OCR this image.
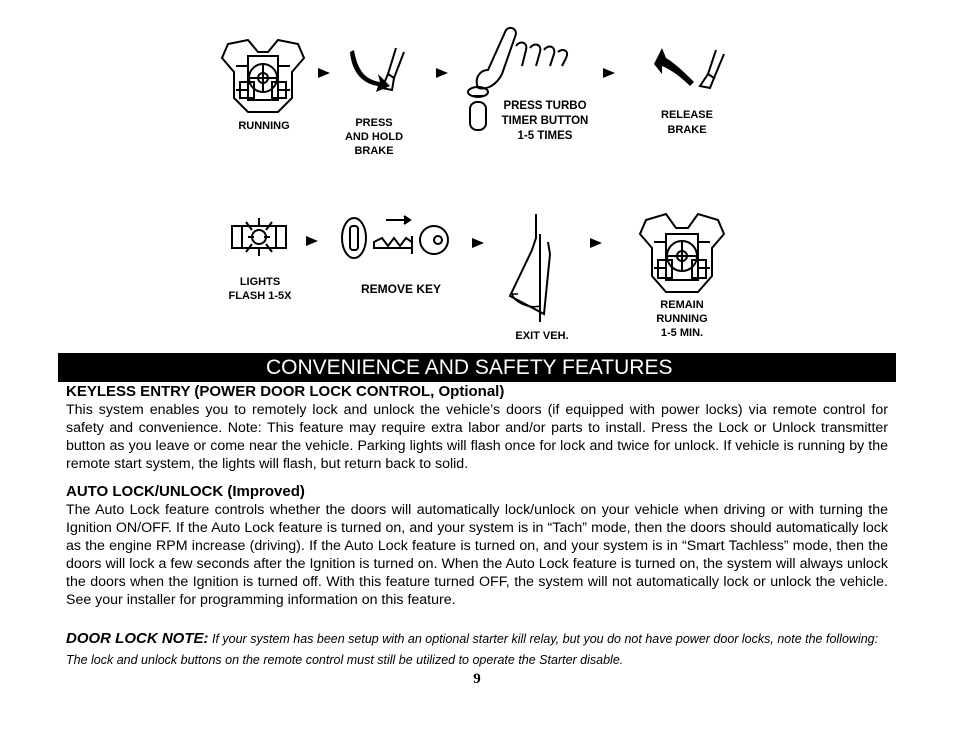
RUNNING	PRESS
AND HOLD
BRAKE
PRESS TURBO
TIMER BUTTON
1-5 TIMES
RELEASE
BRAKE
LIGHTS
FLASH 1-5X	REMOVE KEY
EXIT VEH.
REMAIN
RUNNING
1-5 MIN.
CONVENIENCE AND SAFETY FEATURES
KEYLESS ENTRY (POWER DOOR LOCK CONTROL, Optional)
This system enables you to remotely lock and unlock the vehicle’s doors (if equipped with power locks) via remote control for safety and convenience. Note: This feature may require extra labor and/or parts to install. Press the Lock or Unlock transmitter button as you leave or come near the vehicle. Parking lights will flash once for lock and twice for unlock. If vehicle is running by the remote start system, the lights will flash, but return back to solid.
AUTO LOCK/UNLOCK (Improved)
The Auto Lock feature controls whether the doors will automatically lock/unlock on your vehicle when driving or with turning the Ignition ON/OFF. If the Auto Lock feature is turned on, and your system is in “Tach” mode, then the doors should automatically lock as the engine RPM increase (driving). If the Auto Lock feature is turned on, and your system is in “Smart Tachless” mode, then the doors will lock a few seconds after the Ignition is turned on. When the Auto Lock feature is turned on, the system will always unlock the doors when the Ignition is turned off. With this feature turned OFF, the system will not automatically lock or unlock the vehicle. See your installer for programming information on this feature.
DOOR LOCK NOTE: If your system has been setup with an optional starter kill relay, but you do not have power door locks, note the following: The lock and unlock buttons on the remote control must still be utilized to operate the Starter disable.
9
